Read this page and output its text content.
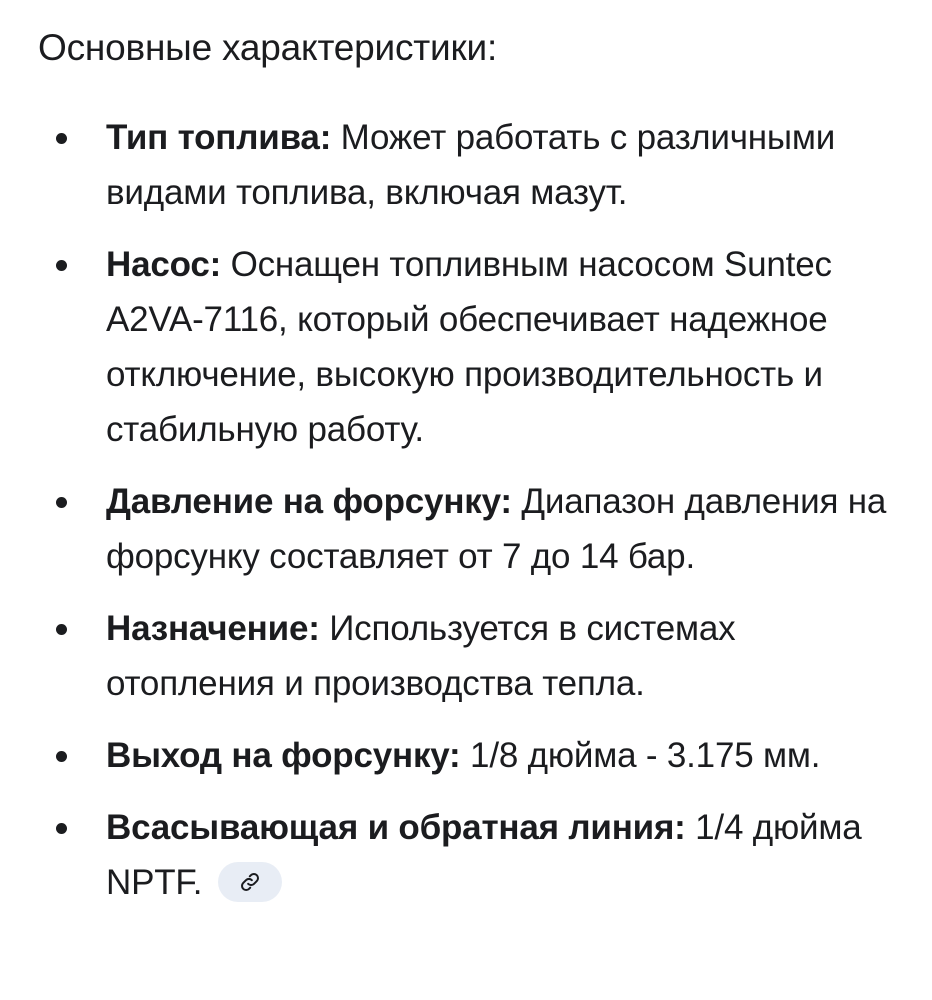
Основные характеристики:
Тип топлива: Может работать с различными видами топлива, включая мазут.
Насос: Оснащен топливным насосом Suntec A2VA-7116, который обеспечивает надежное отключение, высокую производительность и стабильную работу.
Давление на форсунку: Диапазон давления на форсунку составляет от 7 до 14 бар.
Назначение: Используется в системах отопления и производства тепла.
Выход на форсунку: 1/8 дюйма - 3.175 мм.
Всасывающая и обратная линия: 1/4 дюйма NPTF.
